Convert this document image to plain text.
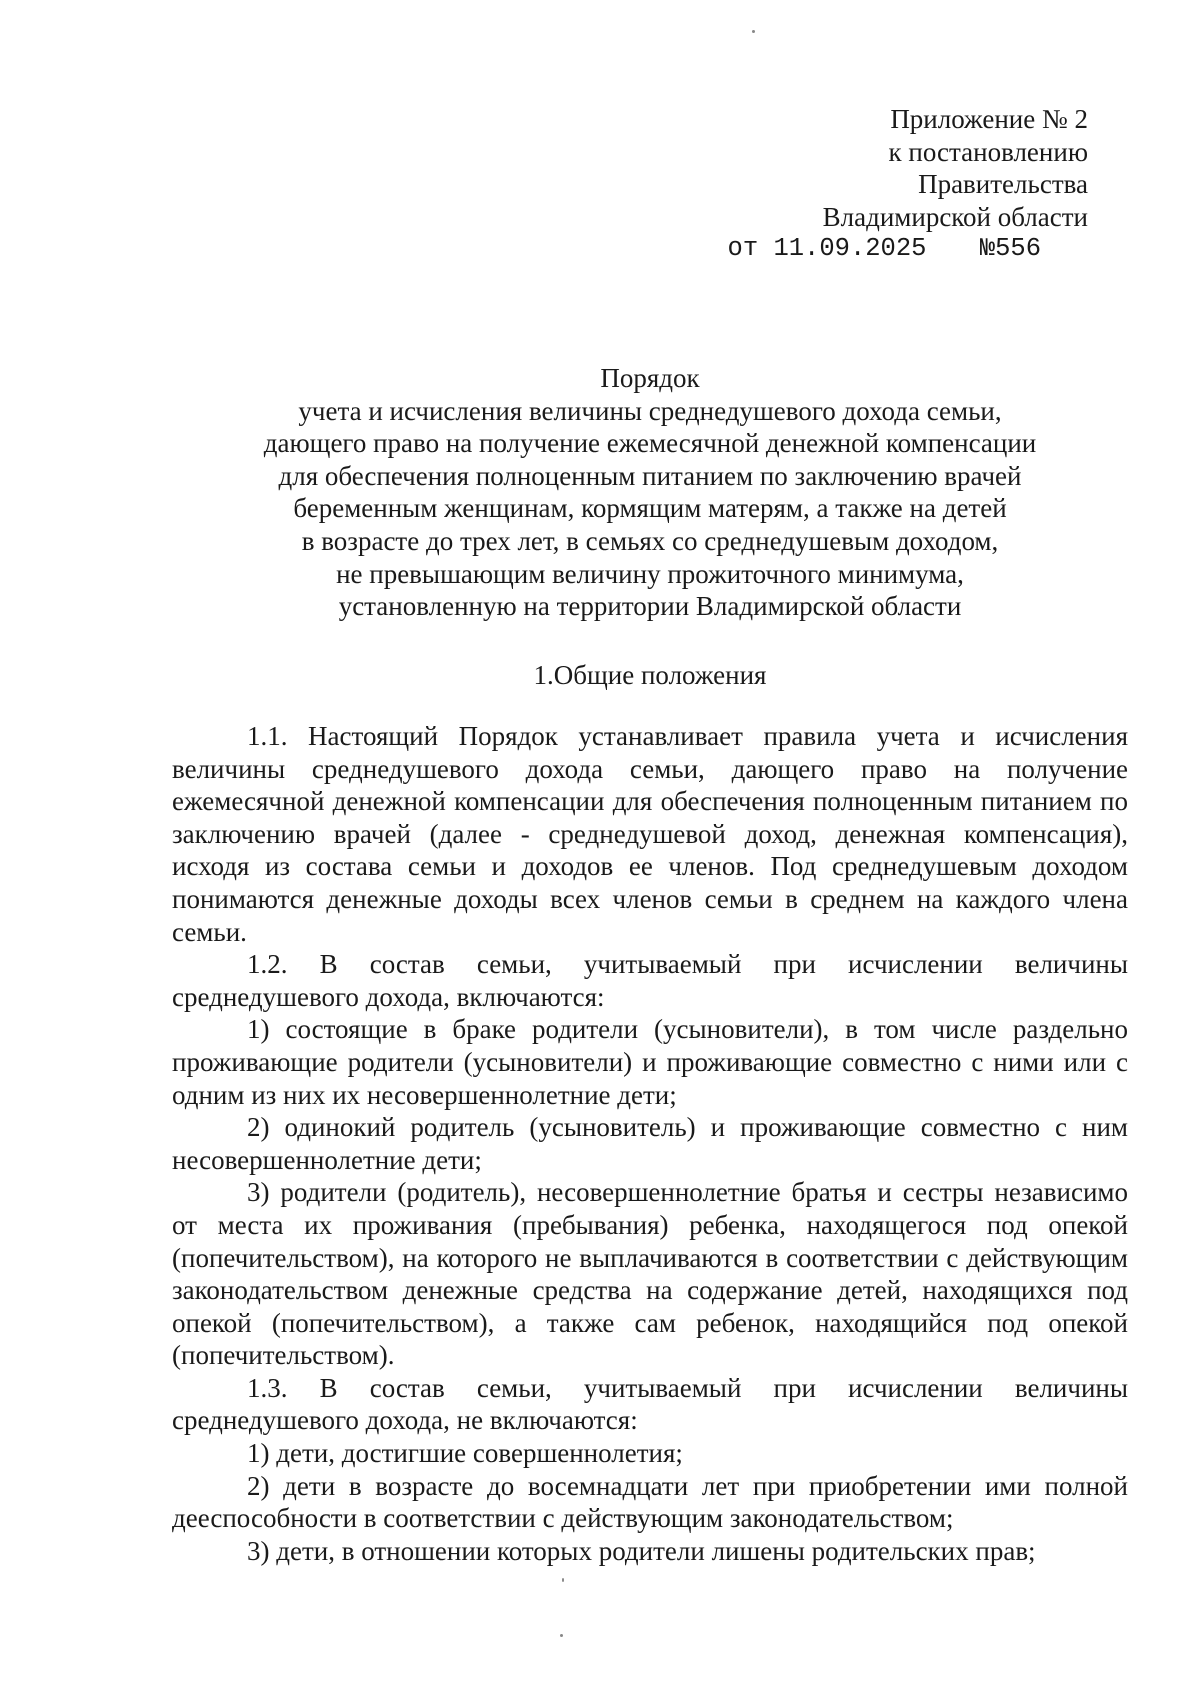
Приложение № 2
к постановлению
Правительства
Владимирской области
от 11.09.2025 №556
Порядок
учета и исчисления величины среднедушевого дохода семьи,
дающего право на получение ежемесячной денежной компенсации
для обеспечения полноценным питанием по заключению врачей
беременным женщинам, кормящим матерям, а также на детей
в возрасте до трех лет, в семьях со среднедушевым доходом,
не превышающим величину прожиточного минимума,
установленную на территории Владимирской области
1.Общие положения

1.1. Настоящий Порядок устанавливает правила учета и исчисления величины среднедушевого дохода семьи, дающего право на получение ежемесячной денежной компенсации для обеспечения полноценным питанием по заключению врачей (далее - среднедушевой доход, денежная компенсация), исходя из состава семьи и доходов ее членов. Под среднедушевым доходом понимаются денежные доходы всех членов семьи в среднем на каждого члена семьи.

1.2. В состав семьи, учитываемый при исчислении величины среднедушевого дохода, включаются:

1) состоящие в браке родители (усыновители), в том числе раздельно проживающие родители (усыновители) и проживающие совместно с ними или с одним из них их несовершеннолетние дети;

2) одинокий родитель (усыновитель) и проживающие совместно с ним несовершеннолетние дети;

3) родители (родитель), несовершеннолетние братья и сестры независимо от места их проживания (пребывания) ребенка, находящегося под опекой (попечительством), на которого не выплачиваются в соответствии с действующим законодательством денежные средства на содержание детей, находящихся под опекой (попечительством), а также сам ребенок, находящийся под опекой (попечительством).

1.3. В состав семьи, учитываемый при исчислении величины среднедушевого дохода, не включаются:

1) дети, достигшие совершеннолетия;

2) дети в возрасте до восемнадцати лет при приобретении ими полной дееспособности в соответствии с действующим законодательством;

3) дети, в отношении которых родители лишены родительских прав;
